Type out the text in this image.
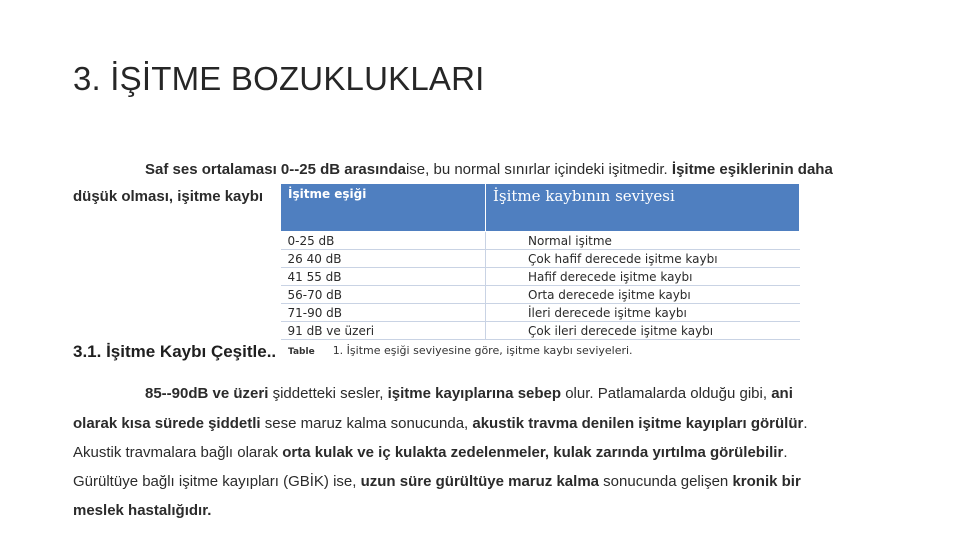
3. İŞİTME BOZUKLUKLARI
Saf ses ortalaması 0--25 dB arasındaise, bu normal sınırlar içindeki işitmedir. İşitme eşiklerinin daha
düşük olması, işitme kaybı İşitme eşiği	İşitme kaybının seviyesi
0-25 dB	Normal işitme
26 40 dB	Çok hafif derecede işitme kaybı
41 55 dB	Hafif derecede işitme kaybı
56-70 dB	Orta derecede işitme kaybı
71-90 dB	İleri derecede işitme kaybı
91 dB ve üzeri	Çok ileri derecede işitme kaybı
3.1. İşitme Kaybı Çeşitle.. Table 1. İşitme eşiği seviyesine göre, işitme kaybı seviyeleri.
85--90dB ve üzeri şiddetteki sesler, işitme kayıplarına sebep olur. Patlamalarda olduğu gibi, ani
olarak kısa sürede şiddetli sese maruz kalma sonucunda, akustik travma denilen işitme kayıpları görülür.
Akustik travmalara bağlı olarak orta kulak ve iç kulakta zedelenmeler, kulak zarında yırtılma görülebilir.
Gürültüye bağlı işitme kayıpları (GBİK) ise, uzun süre gürültüye maruz kalma sonucunda gelişen kronik bir
meslek hastalığıdır.
